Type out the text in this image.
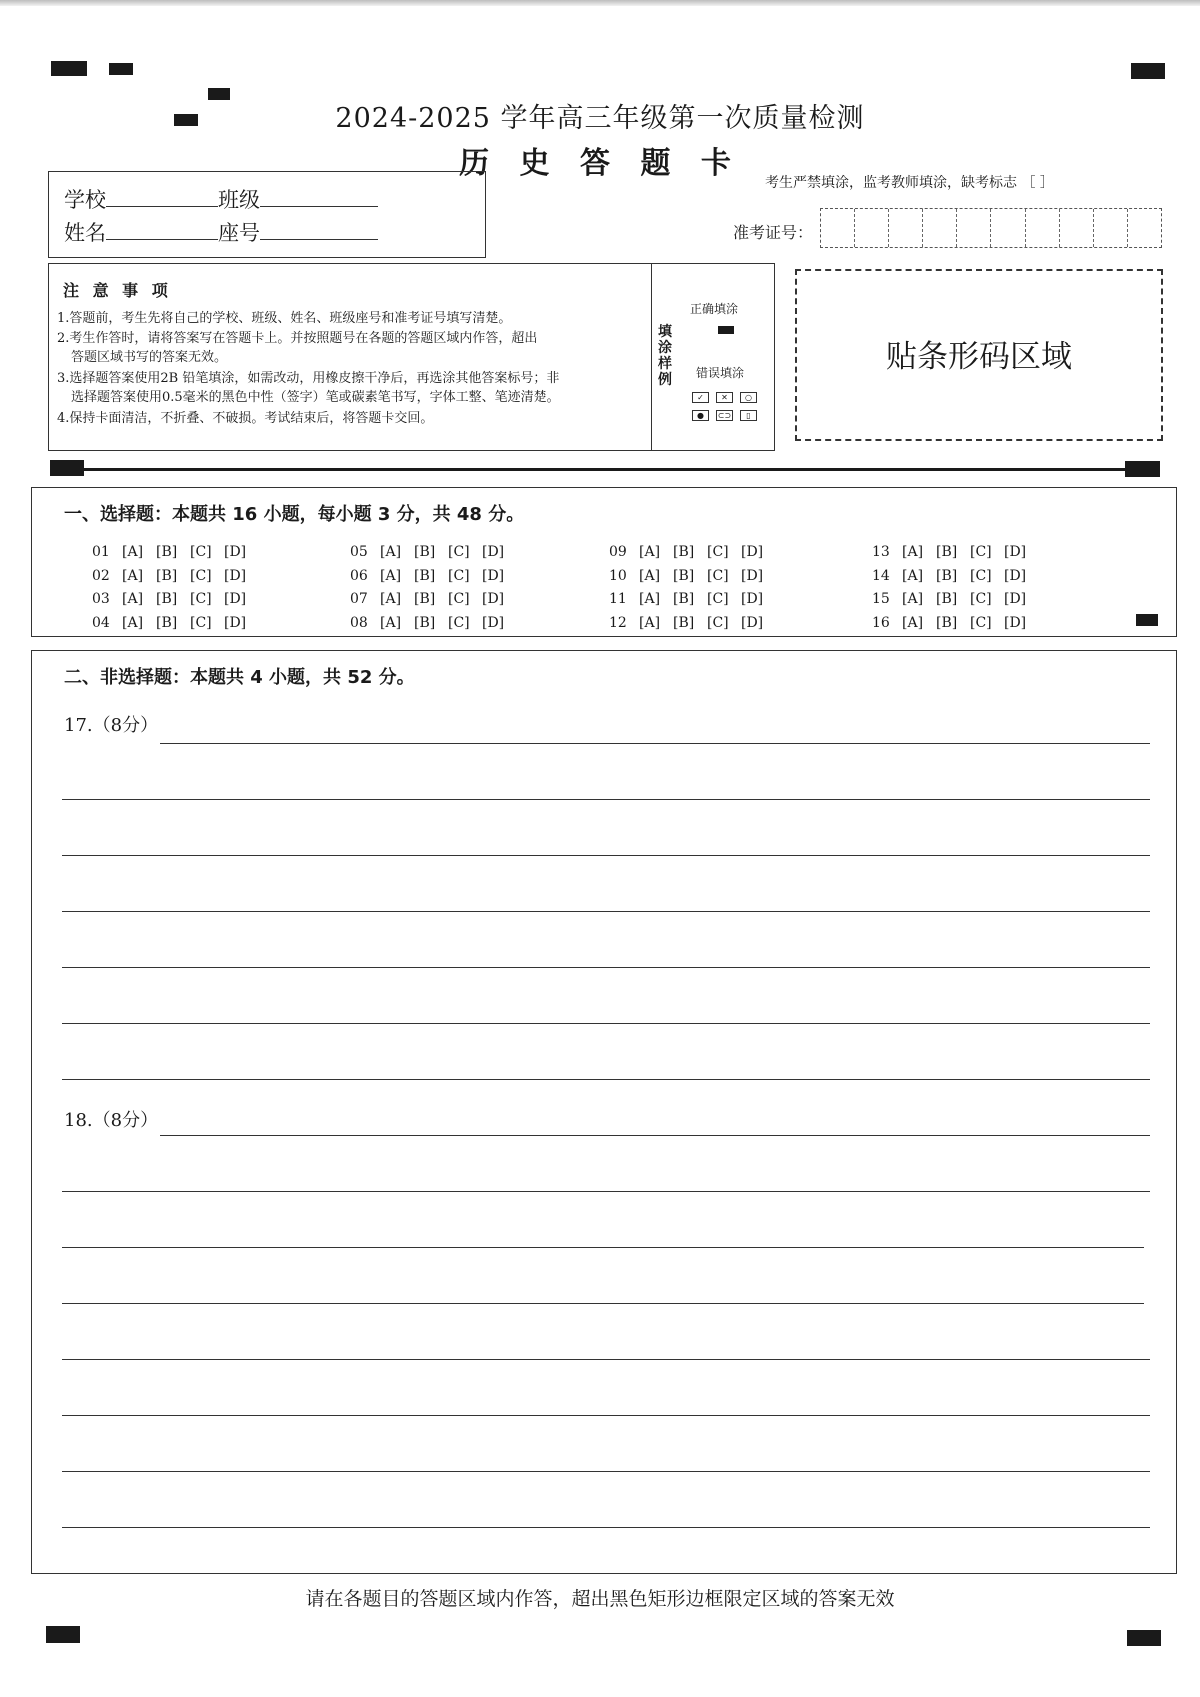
2024-2025 学年高三年级第一次质量检测
历 史 答 题 卡
学校	班级
姓名	座号
考生严禁填涂，监考教师填涂，缺考标志 ［ ］
准考证号：
注 意 事 项
1.答题前，考生先将自己的学校、班级、姓名、班级座号和准考证号填写清楚。
2.考生作答时，请将答案写在答题卡上。并按照题号在各题的答题区域内作答，超出
答题区域书写的答案无效。
3.选择题答案使用2B 铅笔填涂，如需改动，用橡皮擦干净后，再选涂其他答案标号；非
选择题答案使用0.5毫米的黑色中性（签字）笔或碳素笔书写，字体工整、笔迹清楚。
4.保持卡面清洁，不折叠、不破损。考试结束后，将答题卡交回。
填涂样例
正确填涂
错误填涂
✓	✕	○
●	⊂⊃	▯
贴条形码区域
一、选择题：本题共 16 小题，每小题 3 分，共 48 分。
01 [A] [B] [C] [D]
02 [A] [B] [C] [D]
03 [A] [B] [C] [D]
04 [A] [B] [C] [D]
05 [A] [B] [C] [D]
06 [A] [B] [C] [D]
07 [A] [B] [C] [D]
08 [A] [B] [C] [D]
09 [A] [B] [C] [D]
10 [A] [B] [C] [D]
11 [A] [B] [C] [D]
12 [A] [B] [C] [D]
13 [A] [B] [C] [D]
14 [A] [B] [C] [D]
15 [A] [B] [C] [D]
16 [A] [B] [C] [D]
二、非选择题：本题共 4 小题，共 52 分。
17.（8分）
18.（8分）
请在各题目的答题区域内作答，超出黑色矩形边框限定区域的答案无效
